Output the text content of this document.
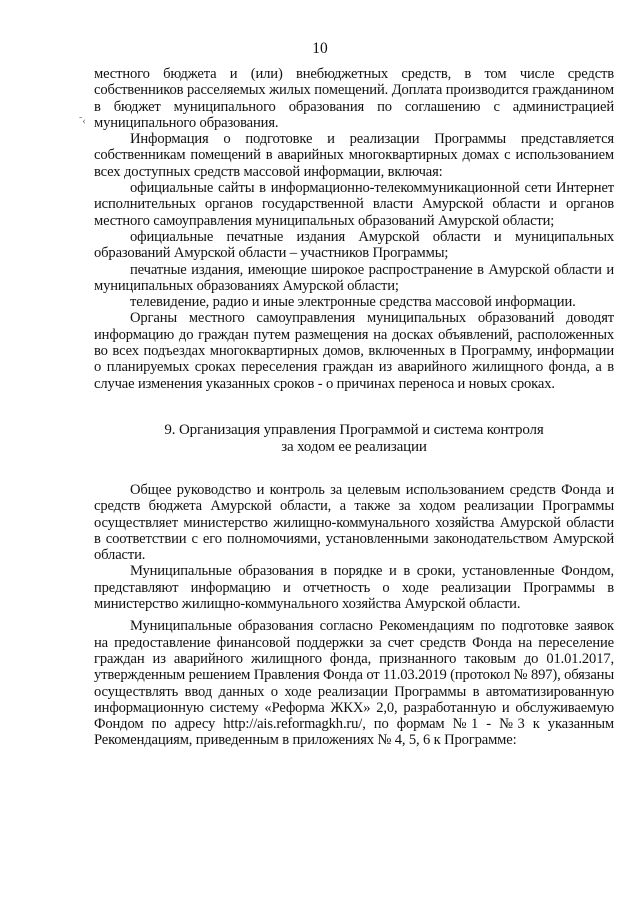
10
˜‹

местного бюджета и (или) внебюджетных средств, в том числе средств собственников расселяемых жилых помещений. Доплата производится гражданином в бюджет муниципального образования по соглашению с администрацией муниципального образования.

Информация о подготовке и реализации Программы представляется собственникам помещений в аварийных многоквартирных домах с использованием всех доступных средств массовой информации, включая:

официальные сайты в информационно-телекоммуникационной сети Интернет исполнительных органов государственной власти Амурской области и органов местного самоуправления муниципальных образований Амурской области;

официальные печатные издания Амурской области и муниципальных образований Амурской области – участников Программы;

печатные издания, имеющие широкое распространение в Амурской области и муниципальных образованиях Амурской области;

телевидение, радио и иные электронные средства массовой информации.

Органы местного самоуправления муниципальных образований доводят информацию до граждан путем размещения на досках объявлений, расположенных во всех подъездах многоквартирных домов, включенных в Программу, информации о планируемых сроках переселения граждан из аварийного жилищного фонда, а в случае изменения указанных сроков - о причинах переноса и новых сроках.

9. Организация управления Программой и система контроля
за ходом ее реализации

Общее руководство и контроль за целевым использованием средств Фонда и средств бюджета Амурской области, а также за ходом реализации Программы осуществляет министерство жилищно-коммунального хозяйства Амурской области в соответствии с его полномочиями, установленными законодательством Амурской области.

Муниципальные образования в порядке и в сроки, установленные Фондом, представляют информацию и отчетность о ходе реализации Программы в министерство жилищно-коммунального хозяйства Амурской области.

Муниципальные образования согласно Рекомендациям по подготовке заявок на предоставление финансовой поддержки за счет средств Фонда на переселение граждан из аварийного жилищного фонда, признанного таковым до 01.01.2017, утвержденным решением Правления Фонда от 11.03.2019 (протокол № 897), обязаны осуществлять ввод данных о ходе реализации Программы в автоматизированную информационную систему «Реформа ЖКХ» 2,0, разработанную и обслуживаемую Фондом по адресу http://ais.reformagkh.ru/, по формам №1 - №3 к указанным Рекомендациям, приведенным в приложениях № 4, 5, 6 к Программе:
